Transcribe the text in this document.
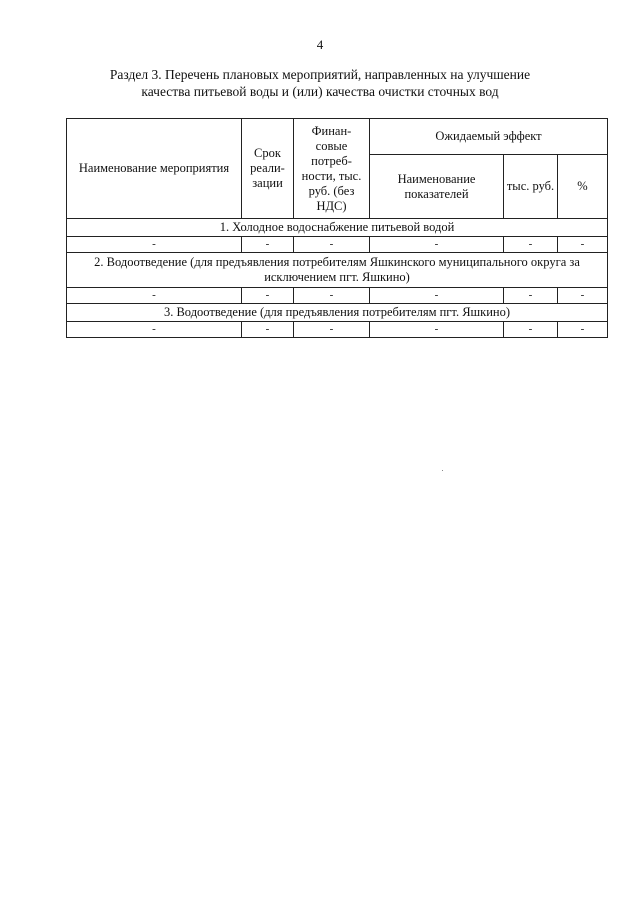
4
Раздел 3. Перечень плановых мероприятий, направленных на улучшение
качества питьевой воды и (или) качества очистки сточных вод
Наименование мероприятия	Срок реали-зации	Финан-совые потреб-ности, тыс. руб. (без НДС)	Ожидаемый эффект		
			Наименование показателей	тыс. руб.	%
1. Холодное водоснабжение питьевой водой					
-	-	-	-	-	-
2. Водоотведение (для предъявления потребителям Яшкинского муниципального округа за исключением пгт. Яшкино)					
-	-	-	-	-	-
3. Водоотведение (для предъявления потребителям пгт. Яшкино)					
-	-	-	-	-	-
